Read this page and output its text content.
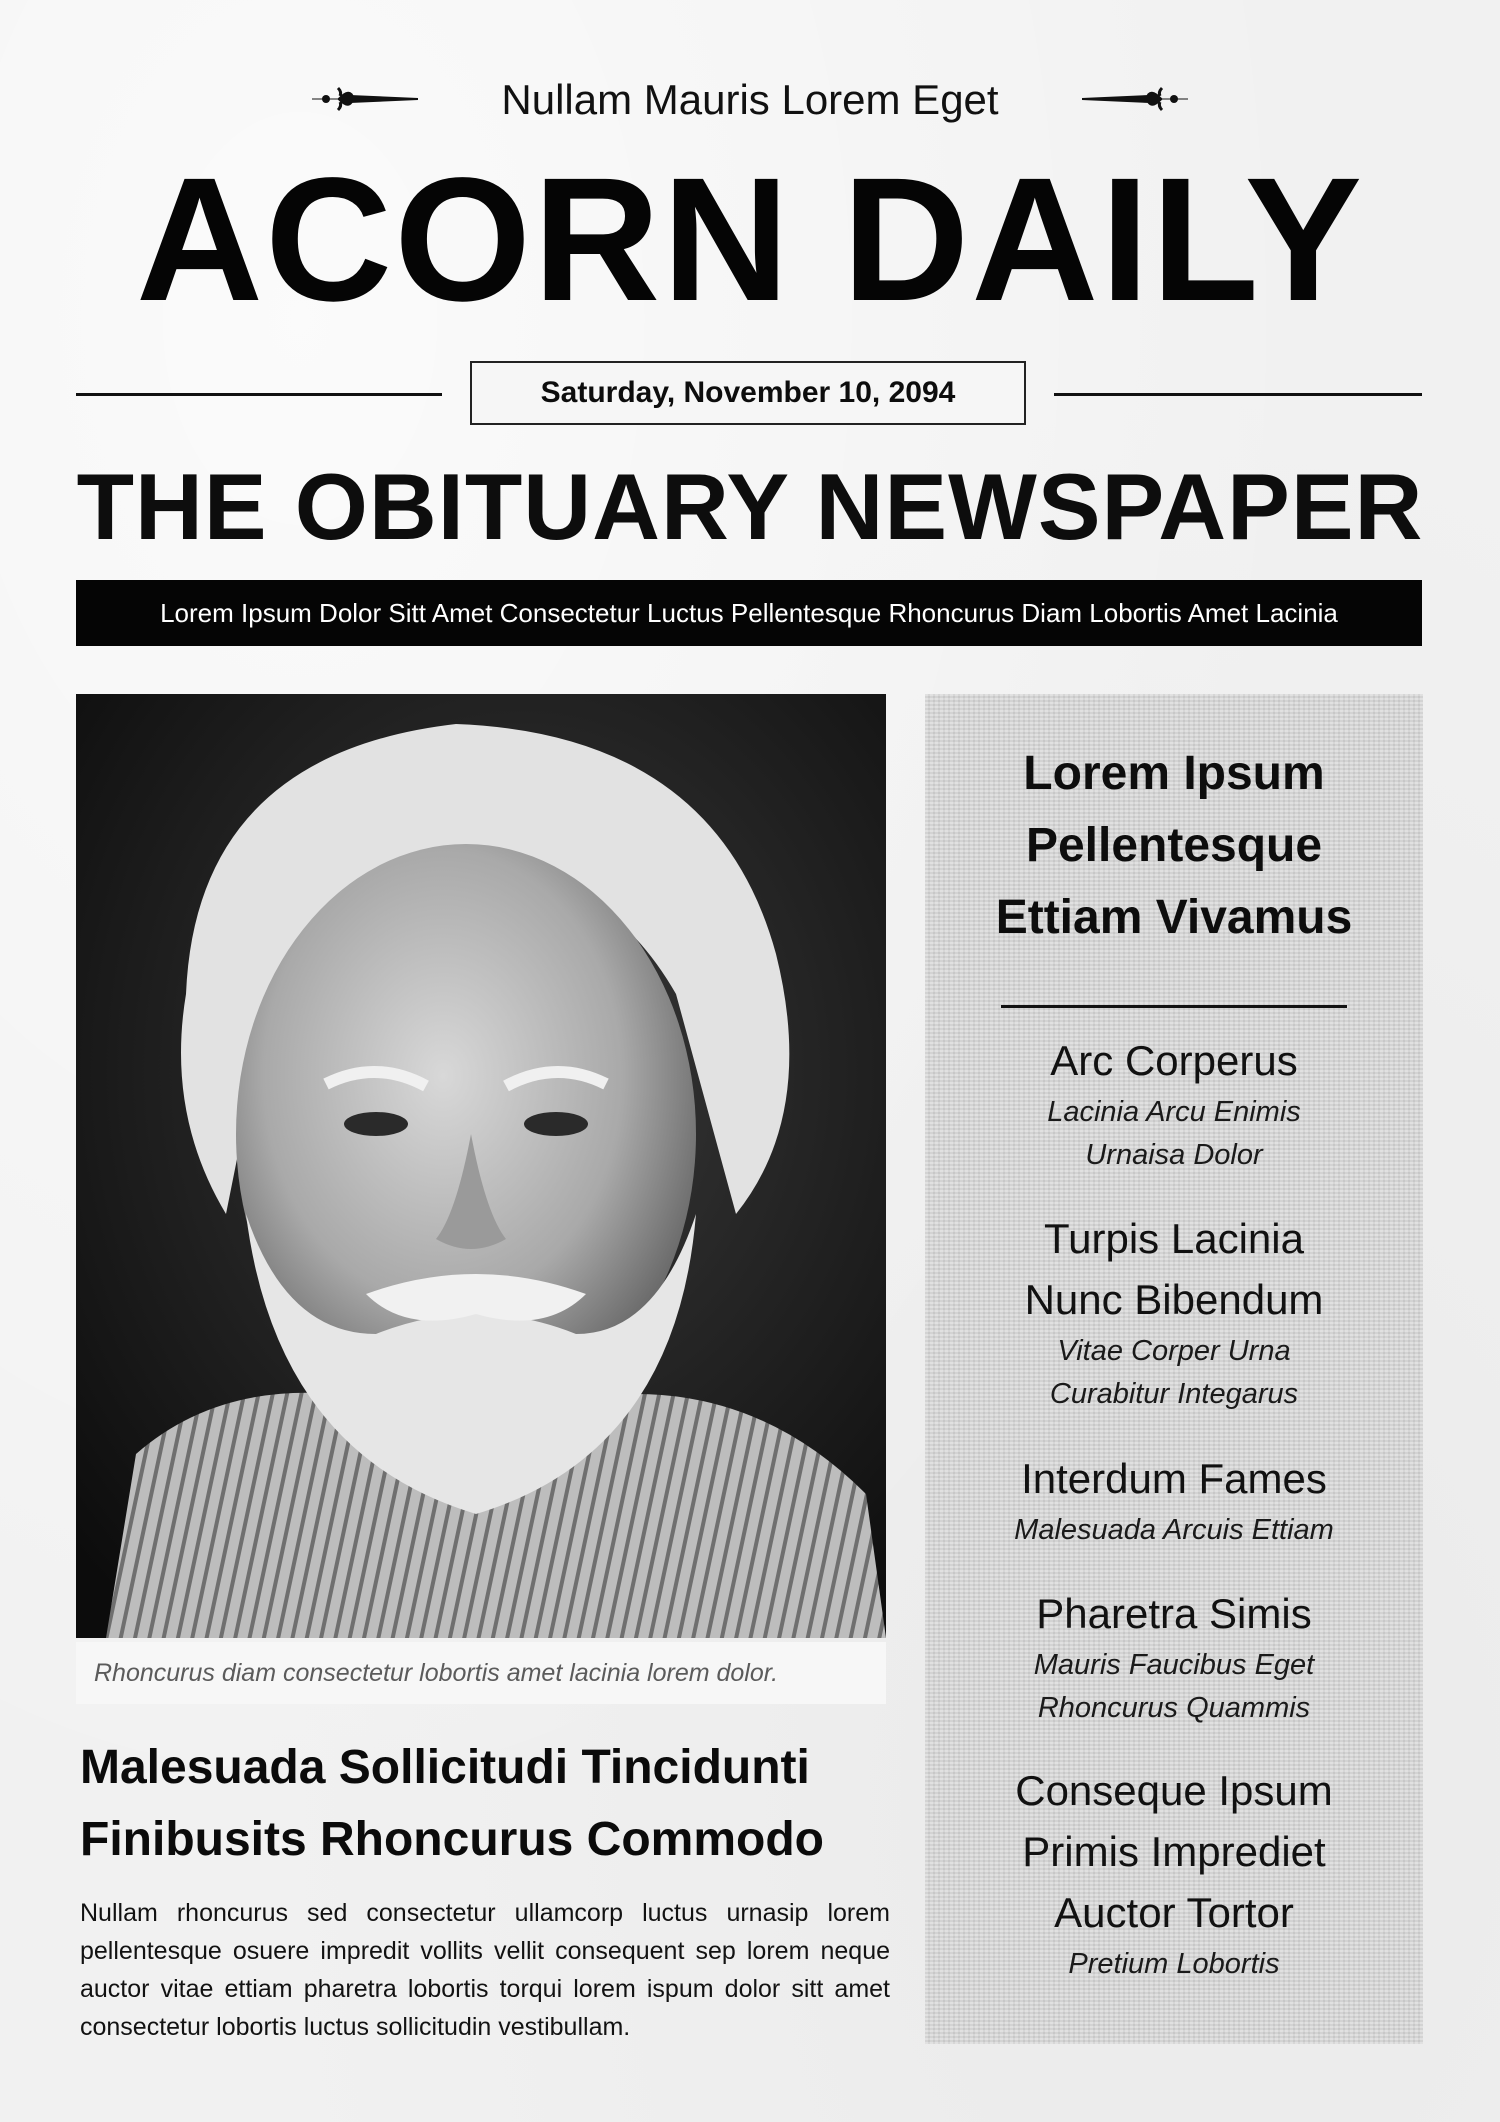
Nullam Mauris Lorem Eget
ACORN DAILY
Saturday, November 10, 2094
THE OBITUARY NEWSPAPER
Lorem Ipsum Dolor Sitt Amet Consectetur Luctus Pellentesque Rhoncurus Diam Lobortis Amet Lacinia
Rhoncurus diam consectetur lobortis amet lacinia lorem dolor.
Malesuada Sollicitudi Tincidunti
Finibusits Rhoncurus Commodo
Nullam rhoncurus sed consectetur ullamcorp luctus urnasip lorem pellentesque osuere impredit vollits vellit consequent sep lorem neque auctor vitae ettiam pharetra lobortis torqui lorem ispum dolor sitt amet consectetur lobortis luctus sollicitudin vestibullam.
Lorem Ipsum
Pellentesque
Ettiam Vivamus
Arc Corperus
Lacinia Arcu Enimis
Urnaisa Dolor
Turpis Lacinia
Nunc Bibendum
Vitae Corper Urna
Curabitur Integarus
Interdum Fames
Malesuada Arcuis Ettiam
Pharetra Simis
Mauris Faucibus Eget
Rhoncurus Quammis
Conseque Ipsum
Primis Imprediet
Auctor Tortor
Pretium Lobortis
